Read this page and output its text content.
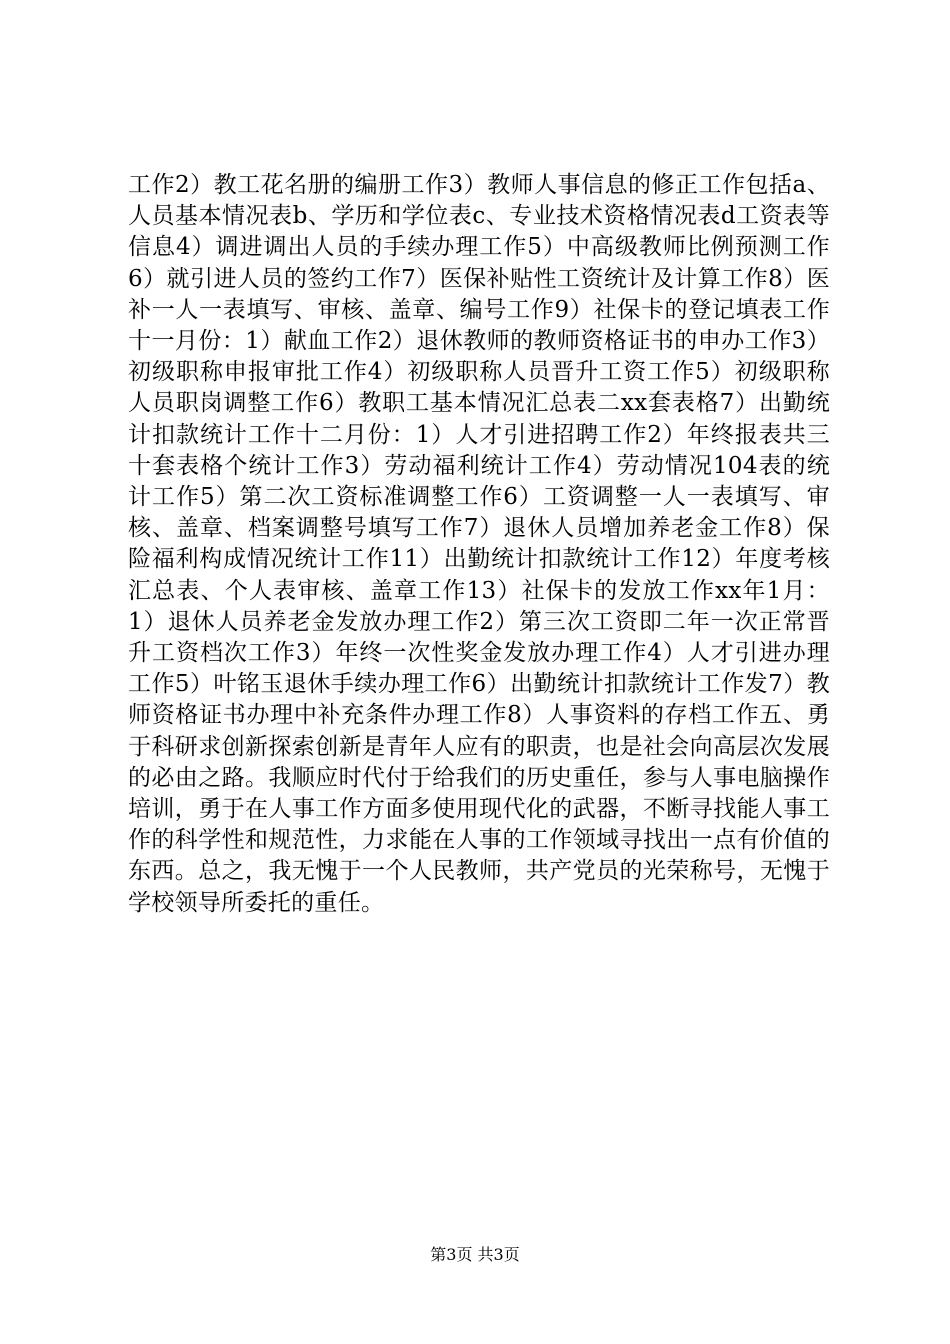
工作2）教工花名册的编册工作3）教师人事信息的修正工作包括a、人员基本情况表b、学历和学位表c、专业技术资格情况表d工资表等信息4）调进调出人员的手续办理工作5）中高级教师比例预测工作6）就引进人员的签约工作7）医保补贴性工资统计及计算工作8）医补一人一表填写、审核、盖章、编号工作9）社保卡的登记填表工作十一月份：1）献血工作2）退休教师的教师资格证书的申办工作3）初级职称申报审批工作4）初级职称人员晋升工资工作5）初级职称人员职岗调整工作6）教职工基本情况汇总表二xx套表格7）出勤统计扣款统计工作十二月份：1）人才引进招聘工作2）年终报表共三十套表格个统计工作3）劳动福利统计工作4）劳动情况104表的统计工作5）第二次工资标准调整工作6）工资调整一人一表填写、审核、盖章、档案调整号填写工作7）退休人员增加养老金工作8）保险福利构成情况统计工作11）出勤统计扣款统计工作12）年度考核汇总表、个人表审核、盖章工作13）社保卡的发放工作xx年1月：1）退休人员养老金发放办理工作2）第三次工资即二年一次正常晋升工资档次工作3）年终一次性奖金发放办理工作4）人才引进办理工作5）叶铭玉退休手续办理工作6）出勤统计扣款统计工作发7）教师资格证书办理中补充条件办理工作8）人事资料的存档工作五、勇于科研求创新探索创新是青年人应有的职责，也是社会向高层次发展的必由之路。我顺应时代付于给我们的历史重任，参与人事电脑操作培训，勇于在人事工作方面多使用现代化的武器，不断寻找能人事工作的科学性和规范性，力求能在人事的工作领域寻找出一点有价值的东西。总之，我无愧于一个人民教师，共产党员的光荣称号，无愧于学校领导所委托的重任。

第3页 共3页
